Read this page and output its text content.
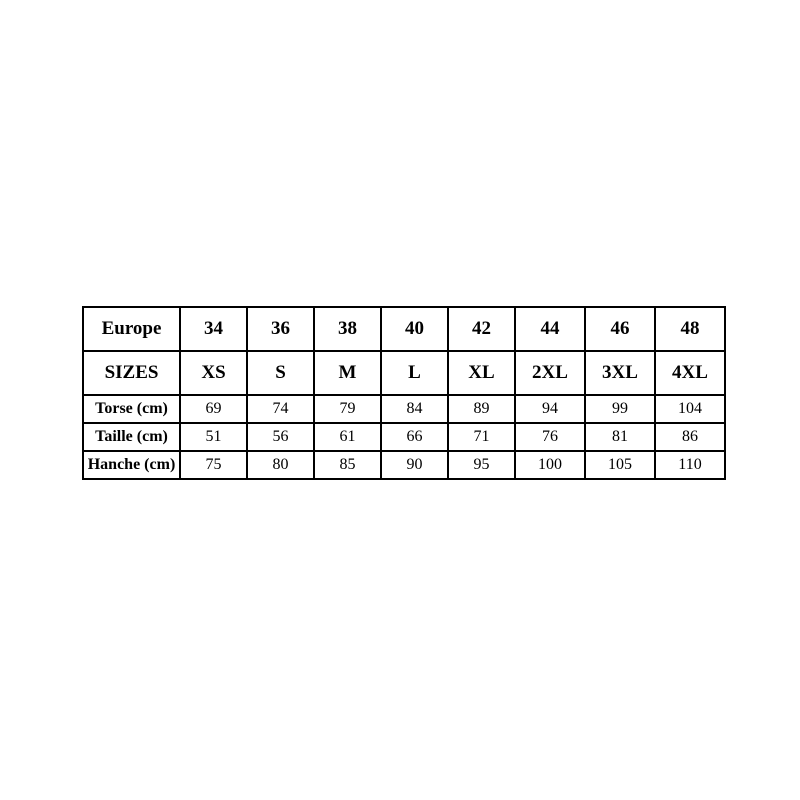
Europe	34	36	38	40	42	44	46	48
SIZES	XS	S	M	L	XL	2XL	3XL	4XL
Torse (cm)	69	74	79	84	89	94	99	104
Taille (cm)	51	56	61	66	71	76	81	86
Hanche (cm)	75	80	85	90	95	100	105	110
